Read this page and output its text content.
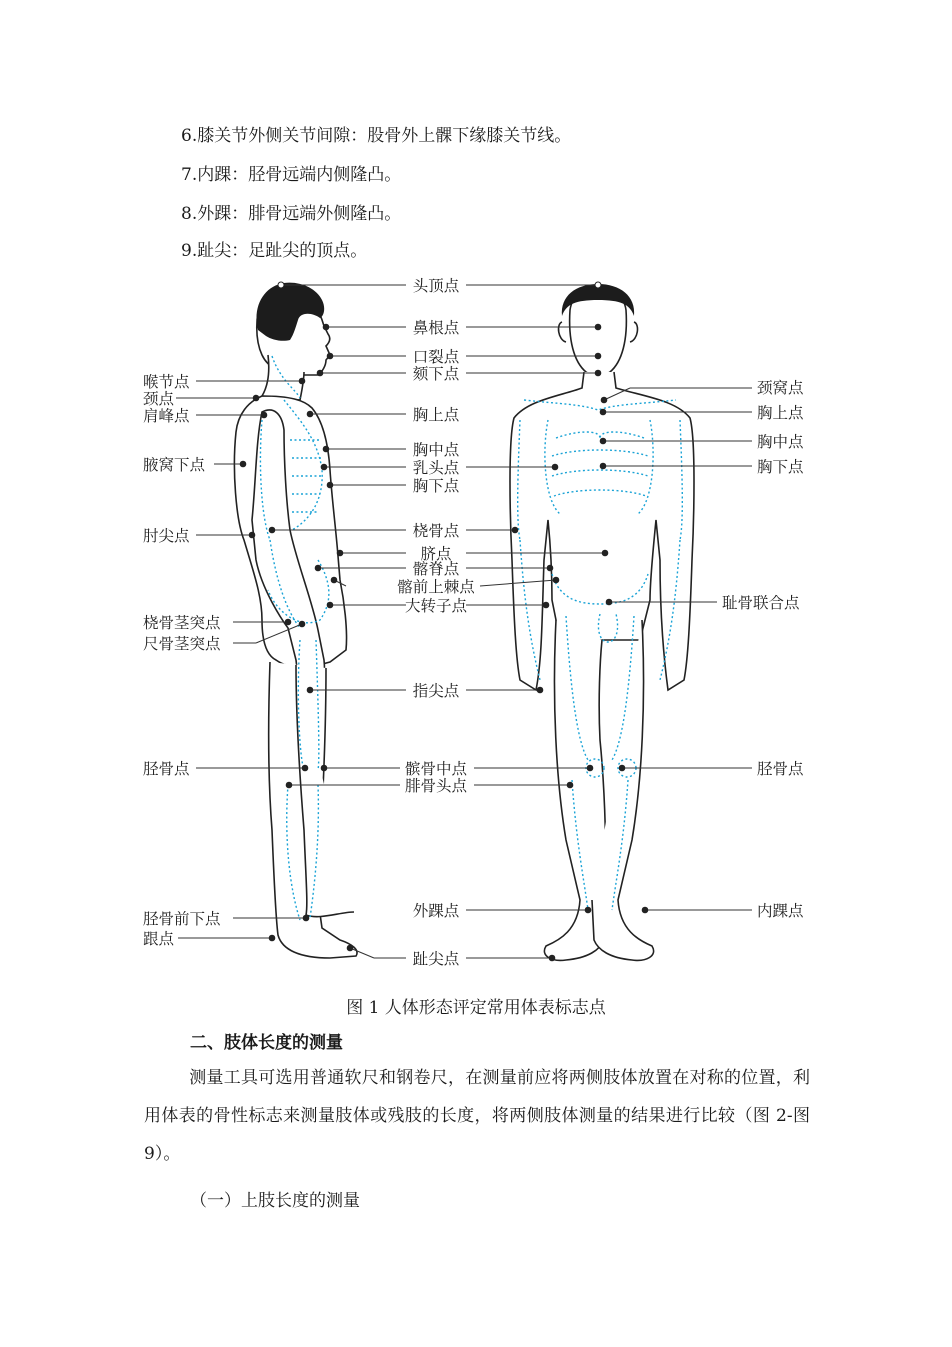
6.膝关节外侧关节间隙：股骨外上髁下缘膝关节线。
7.内踝：胫骨远端内侧隆凸。
8.外踝：腓骨远端外侧隆凸。
9.趾尖：足趾尖的顶点。
头顶点
鼻根点
口裂点
颏下点
胸上点
胸中点
乳头点
胸下点
桡骨点
脐点
髂脊点
髂前上棘点
大转子点
指尖点
髌骨中点
腓骨头点
外踝点
趾尖点
喉节点
颈点
肩峰点
腋窝下点
肘尖点
桡骨茎突点
尺骨茎突点
胫骨点
胫骨前下点
跟点
颈窝点
胸上点
胸中点
胸下点
耻骨联合点
胫骨点
内踝点
图 1 人体形态评定常用体表标志点
二、肢体长度的测量
测量工具可选用普通软尺和钢卷尺，在测量前应将两侧肢体放置在对称的位置，利用体表的骨性标志来测量肢体或残肢的长度，将两侧肢体测量的结果进行比较（图 2-图 9）。
（一）上肢长度的测量
